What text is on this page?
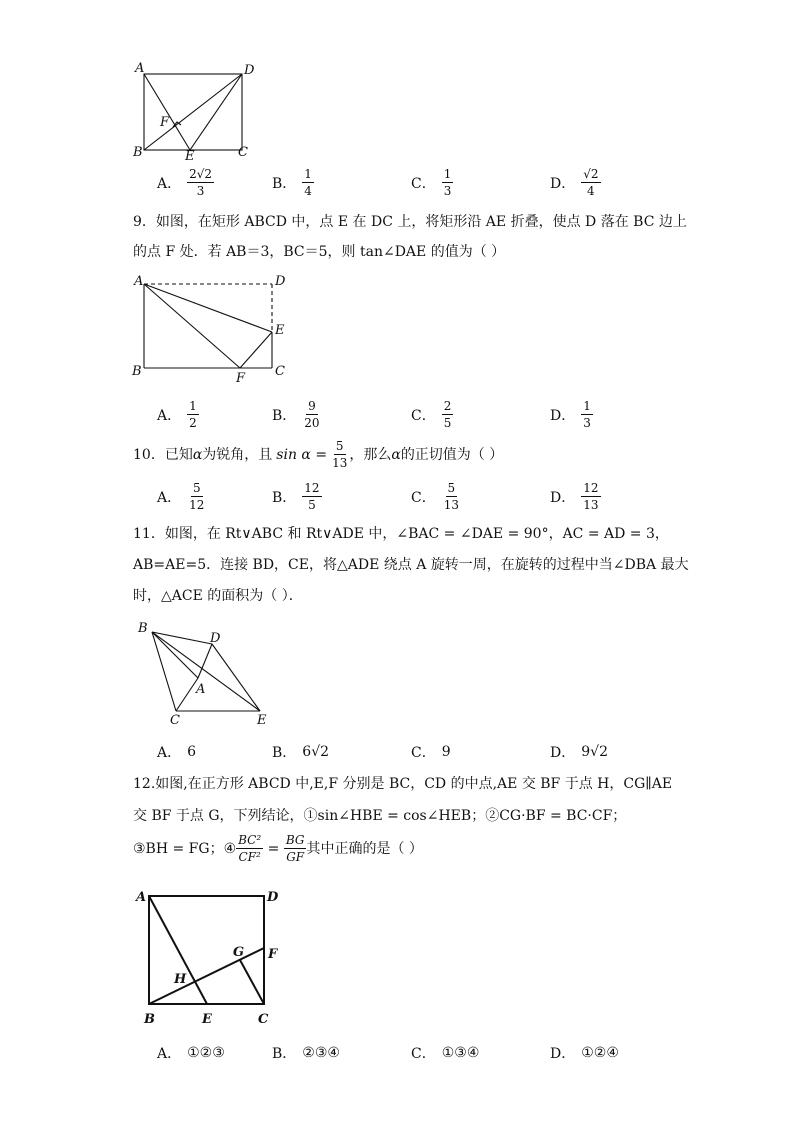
A	D
F
B	E	C
A． $\frac{2√2}{3}$	B． $\frac{1}{4}$	C． $\frac{1}{3}$	D． $\frac{√2}{4}$
9．如图，在矩形 ABCD 中，点 E 在 DC 上，将矩形沿 AE 折叠，使点 D 落在 BC 边上
的点 F 处．若 AB＝3，BC＝5，则 tan∠DAE 的值为（ ）
A	D
E
B	F C
A． $\frac{1}{2}$	B． $\frac{9}{20}$	C． $\frac{2}{5}$	D． $\frac{1}{3}$
10．已知 α 为锐角，且 $\sin \alpha = \frac{5}{13}$ ，那么 α 的正切值为（ ）
A． $\frac{5}{12}$	B． $\frac{12}{5}$	C． $\frac{5}{13}$	D． $\frac{12}{13}$
11．如图，在 Rt∨ABC 和 Rt∨ADE 中，∠BAC = ∠DAE = 90°，AC = AD = 3，
AB=AE=5．连接 BD，CE，将△ADE 绕点 A 旋转一周，在旋转的过程中当∠DBA 最大
时，△ACE 的面积为（ ）．
B
D
A
C	E
A． 6	B． 6√2	C． 9	D． 9√2
12.如图,在正方形 ABCD 中,E,F 分别是 BC，CD 的中点,AE 交 BF 于点 H，CG∥AE
交 BF 于点 G，下列结论，①sin∠HBE = cos∠HEB；②CG·BF = BC·CF；
③BH = FG；④ $\frac{\text{BC²}}{\text{CF²}} = \frac{BG}{GF}$ 其中正确的是（ ）
A	D
G F
H
B	E	C
A． ①②③	B． ②③④	C． ①③④	D． ①②④
